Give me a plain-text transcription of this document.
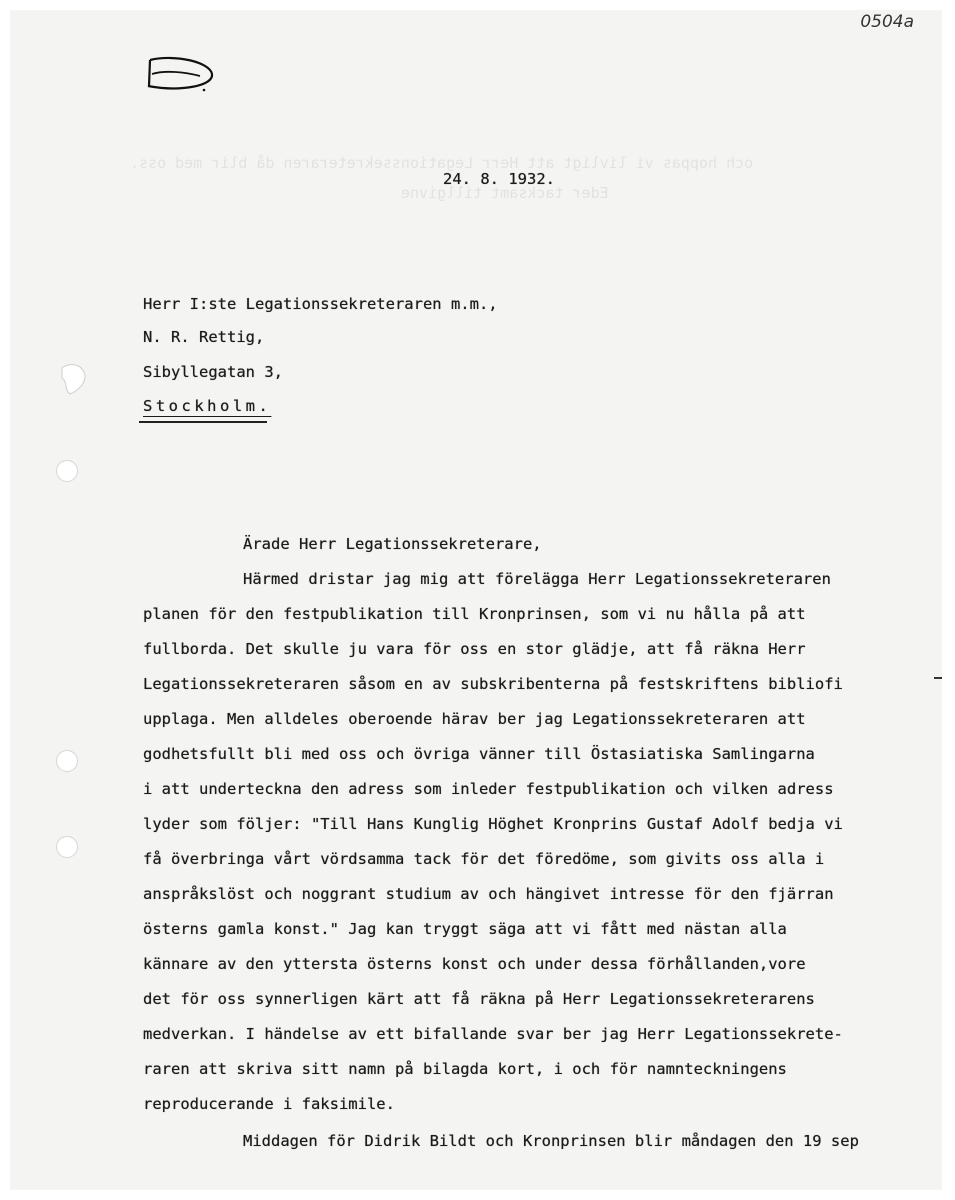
och hoppas vi livligt att Herr Legationssekreteraren då blir med oss.
Eder tacksamt tillgivne
0504a
24. 8. 1932.
Herr I:ste Legationssekreteraren m.m.,
N. R. Rettig,
Sibyllegatan 3,
Stockholm.
Ärade Herr Legationssekreterare,
Härmed dristar jag mig att förelägga Herr Legationssekreteraren
planen för den festpublikation till Kronprinsen, som vi nu hålla på att
fullborda. Det skulle ju vara för oss en stor glädje, att få räkna Herr
Legationssekreteraren såsom en av subskribenterna på festskriftens bibliofi
upplaga. Men alldeles oberoende härav ber jag Legationssekreteraren att
godhetsfullt bli med oss och övriga vänner till Östasiatiska Samlingarna
i att underteckna den adress som inleder festpublikation och vilken adress
lyder som följer: "Till Hans Kunglig Höghet Kronprins Gustaf Adolf bedja vi
få överbringa vårt vördsamma tack för det föredöme, som givits oss alla i
anspråkslöst och noggrant studium av och hängivet intresse för den fjärran
österns gamla konst." Jag kan tryggt säga att vi fått med nästan alla
kännare av den yttersta österns konst och under dessa förhållanden,vore
det för oss synnerligen kärt att få räkna på Herr Legationssekreterarens
medverkan. I händelse av ett bifallande svar ber jag Herr Legationssekrete-
raren att skriva sitt namn på bilagda kort, i och för namnteckningens
reproducerande i faksimile.
Middagen för Didrik Bildt och Kronprinsen blir måndagen den 19 sep
